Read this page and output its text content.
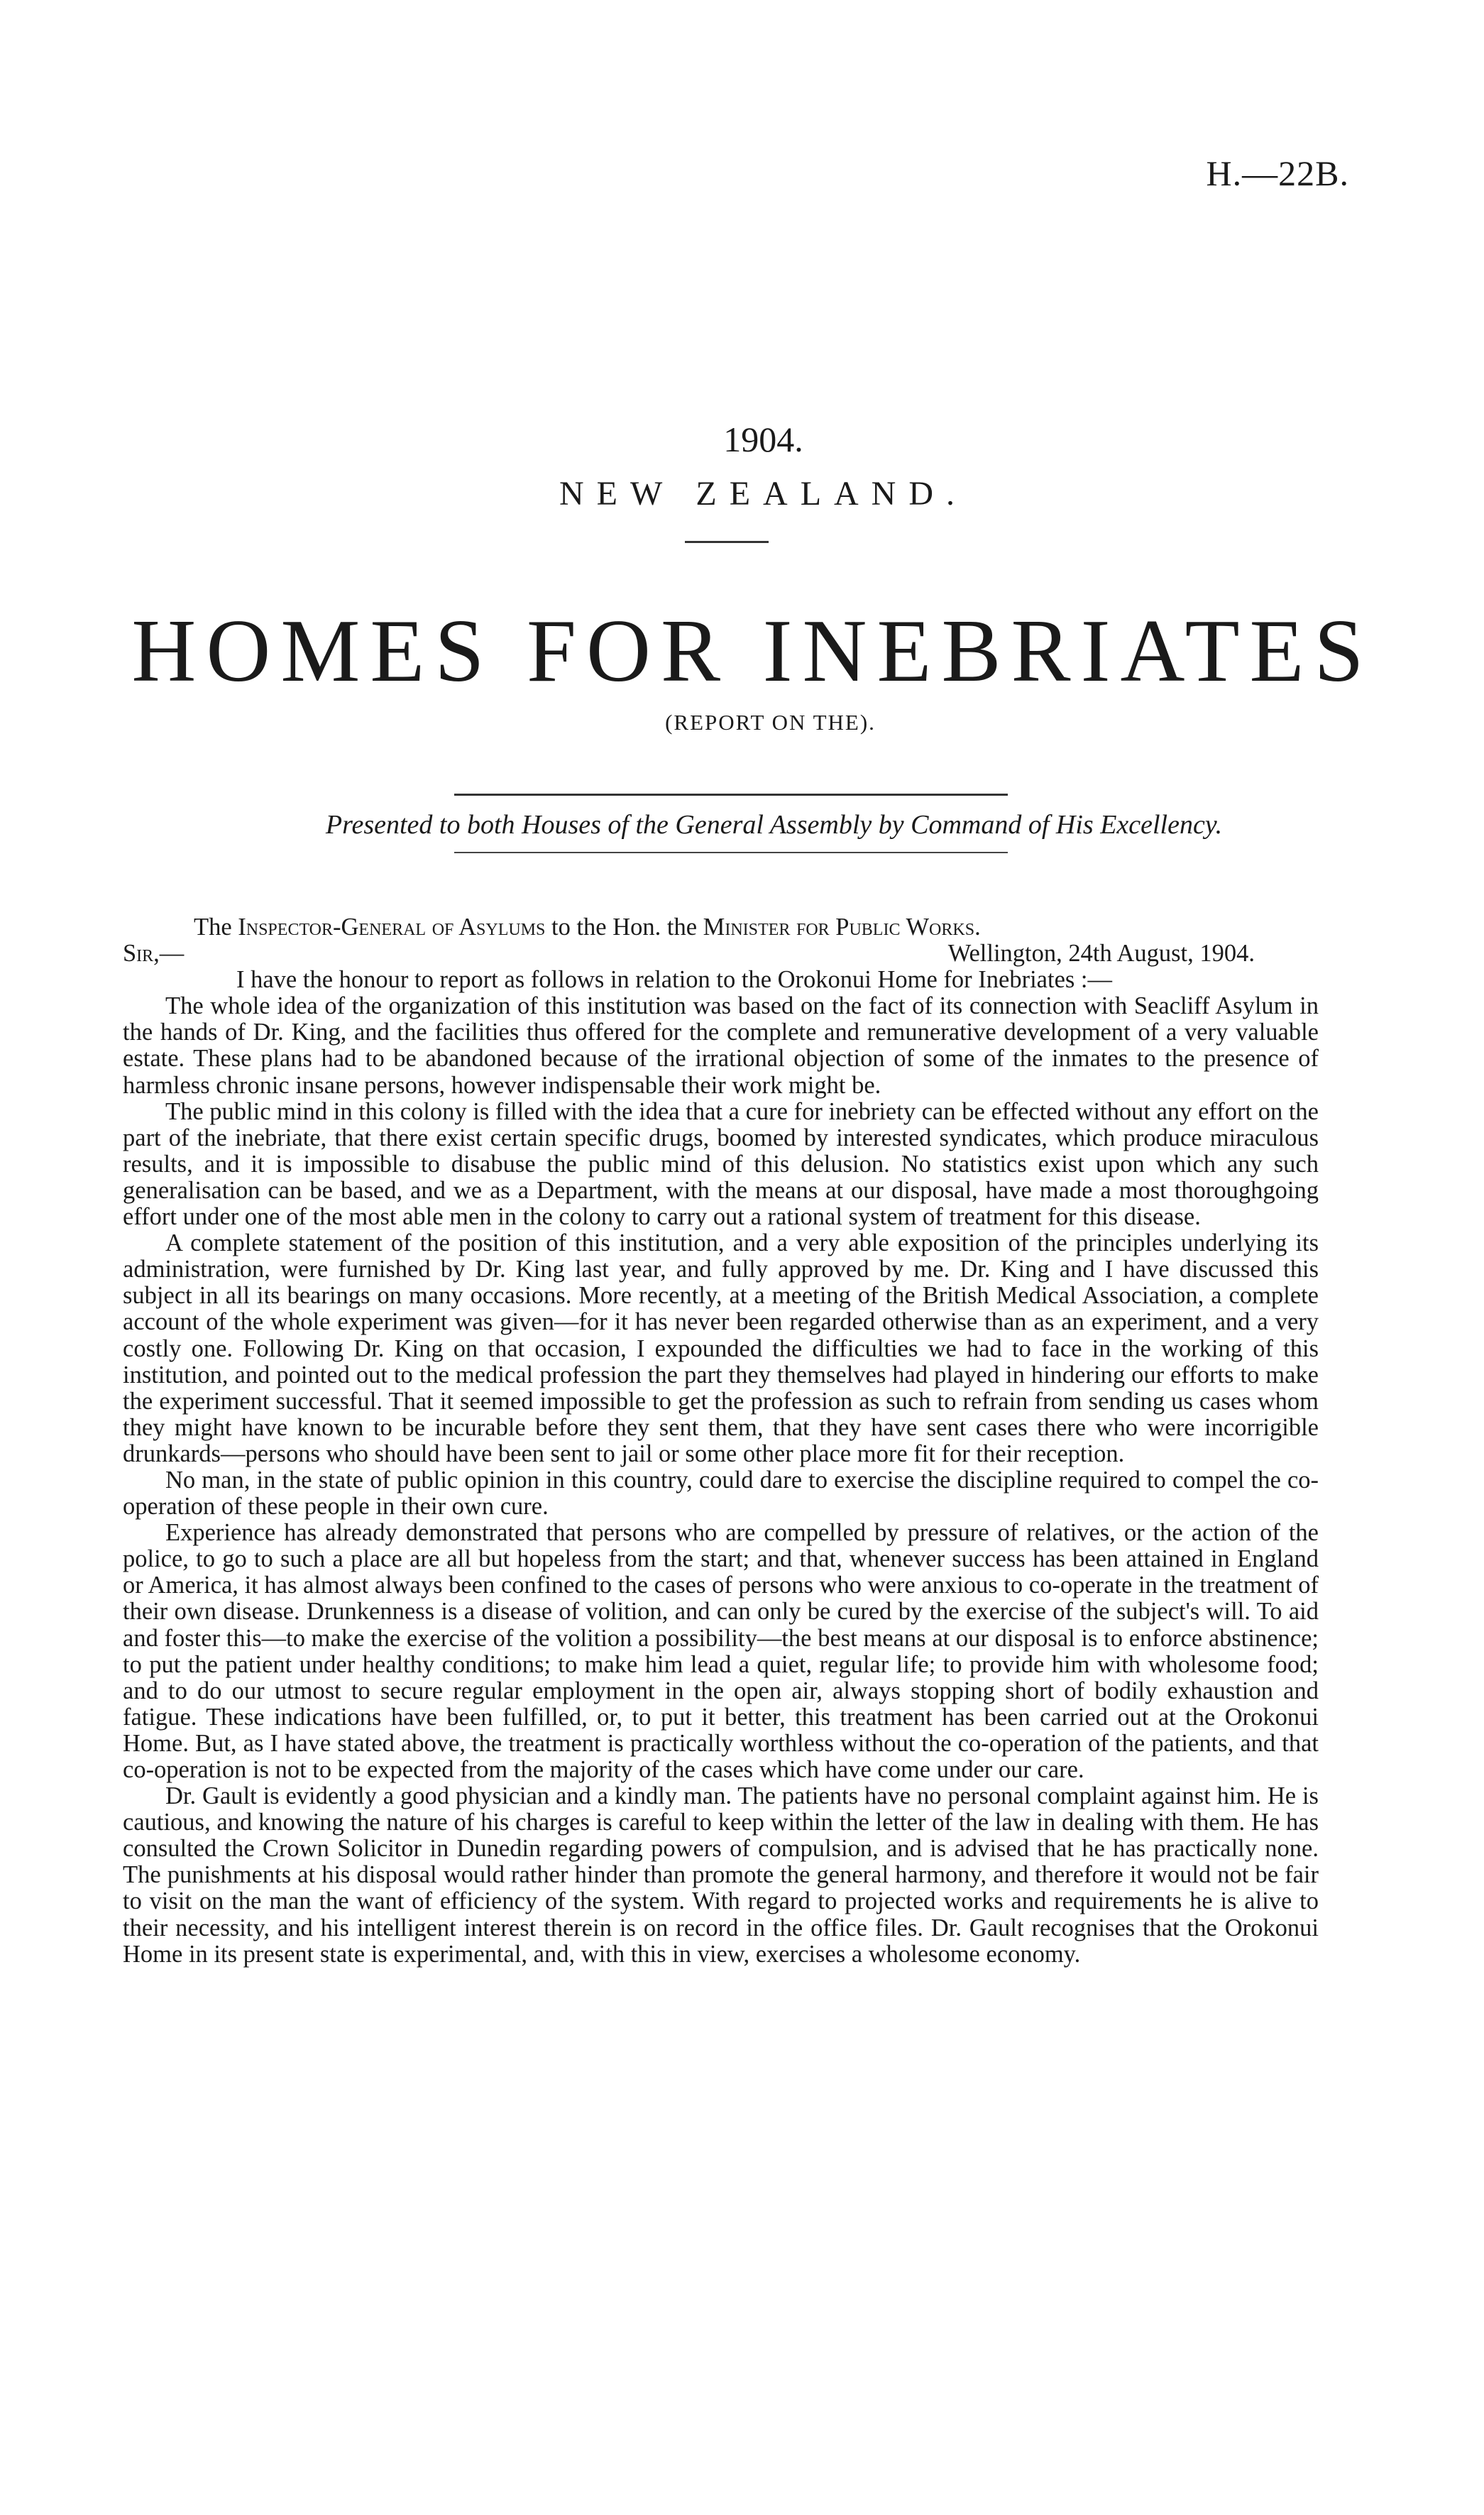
H.—22B.
1904.
NEW ZEALAND.
HOMES FOR INEBRIATES
(REPORT ON THE).
Presented to both Houses of the General Assembly by Command of His Excellency.

The Inspector-General of Asylums to the Hon. the Minister for Public Works.

Sir,—	Wellington, 24th August, 1904.

I have the honour to report as follows in relation to the Orokonui Home for Inebriates :—

The whole idea of the organization of this institution was based on the fact of its connection with Seacliff Asylum in the hands of Dr. King, and the facilities thus offered for the complete and remunerative development of a very valuable estate. These plans had to be abandoned because of the irrational objection of some of the inmates to the presence of harmless chronic insane persons, however indispensable their work might be.

The public mind in this colony is filled with the idea that a cure for inebriety can be effected without any effort on the part of the inebriate, that there exist certain specific drugs, boomed by interested syndicates, which produce miraculous results, and it is impossible to disabuse the public mind of this delusion. No statistics exist upon which any such generalisation can be based, and we as a Department, with the means at our disposal, have made a most thoroughgoing effort under one of the most able men in the colony to carry out a rational system of treatment for this disease.

A complete statement of the position of this institution, and a very able exposition of the principles underlying its administration, were furnished by Dr. King last year, and fully approved by me. Dr. King and I have discussed this subject in all its bearings on many occasions. More recently, at a meeting of the British Medical Association, a complete account of the whole experiment was given—for it has never been regarded otherwise than as an experiment, and a very costly one. Following Dr. King on that occasion, I expounded the difficulties we had to face in the working of this institution, and pointed out to the medical profession the part they themselves had played in hindering our efforts to make the experiment successful. That it seemed impossible to get the profession as such to refrain from sending us cases whom they might have known to be incurable before they sent them, that they have sent cases there who were incorrigible drunkards—persons who should have been sent to jail or some other place more fit for their reception.

No man, in the state of public opinion in this country, could dare to exercise the discipline required to compel the co-operation of these people in their own cure.

Experience has already demonstrated that persons who are compelled by pressure of relatives, or the action of the police, to go to such a place are all but hopeless from the start; and that, whenever success has been attained in England or America, it has almost always been confined to the cases of persons who were anxious to co-operate in the treatment of their own disease. Drunkenness is a disease of volition, and can only be cured by the exercise of the subject's will. To aid and foster this—to make the exercise of the volition a possibility—the best means at our disposal is to enforce abstinence; to put the patient under healthy conditions; to make him lead a quiet, regular life; to provide him with wholesome food; and to do our utmost to secure regular employment in the open air, always stopping short of bodily exhaustion and fatigue. These indications have been fulfilled, or, to put it better, this treatment has been carried out at the Orokonui Home. But, as I have stated above, the treatment is practically worthless without the co-operation of the patients, and that co-operation is not to be expected from the majority of the cases which have come under our care.

Dr. Gault is evidently a good physician and a kindly man. The patients have no personal complaint against him. He is cautious, and knowing the nature of his charges is careful to keep within the letter of the law in dealing with them. He has consulted the Crown Solicitor in Dunedin regarding powers of compulsion, and is advised that he has practically none. The punishments at his disposal would rather hinder than promote the general harmony, and therefore it would not be fair to visit on the man the want of efficiency of the system. With regard to projected works and requirements he is alive to their necessity, and his intelligent interest therein is on record in the office files. Dr. Gault recognises that the Orokonui Home in its present state is experimental, and, with this in view, exercises a wholesome economy.
